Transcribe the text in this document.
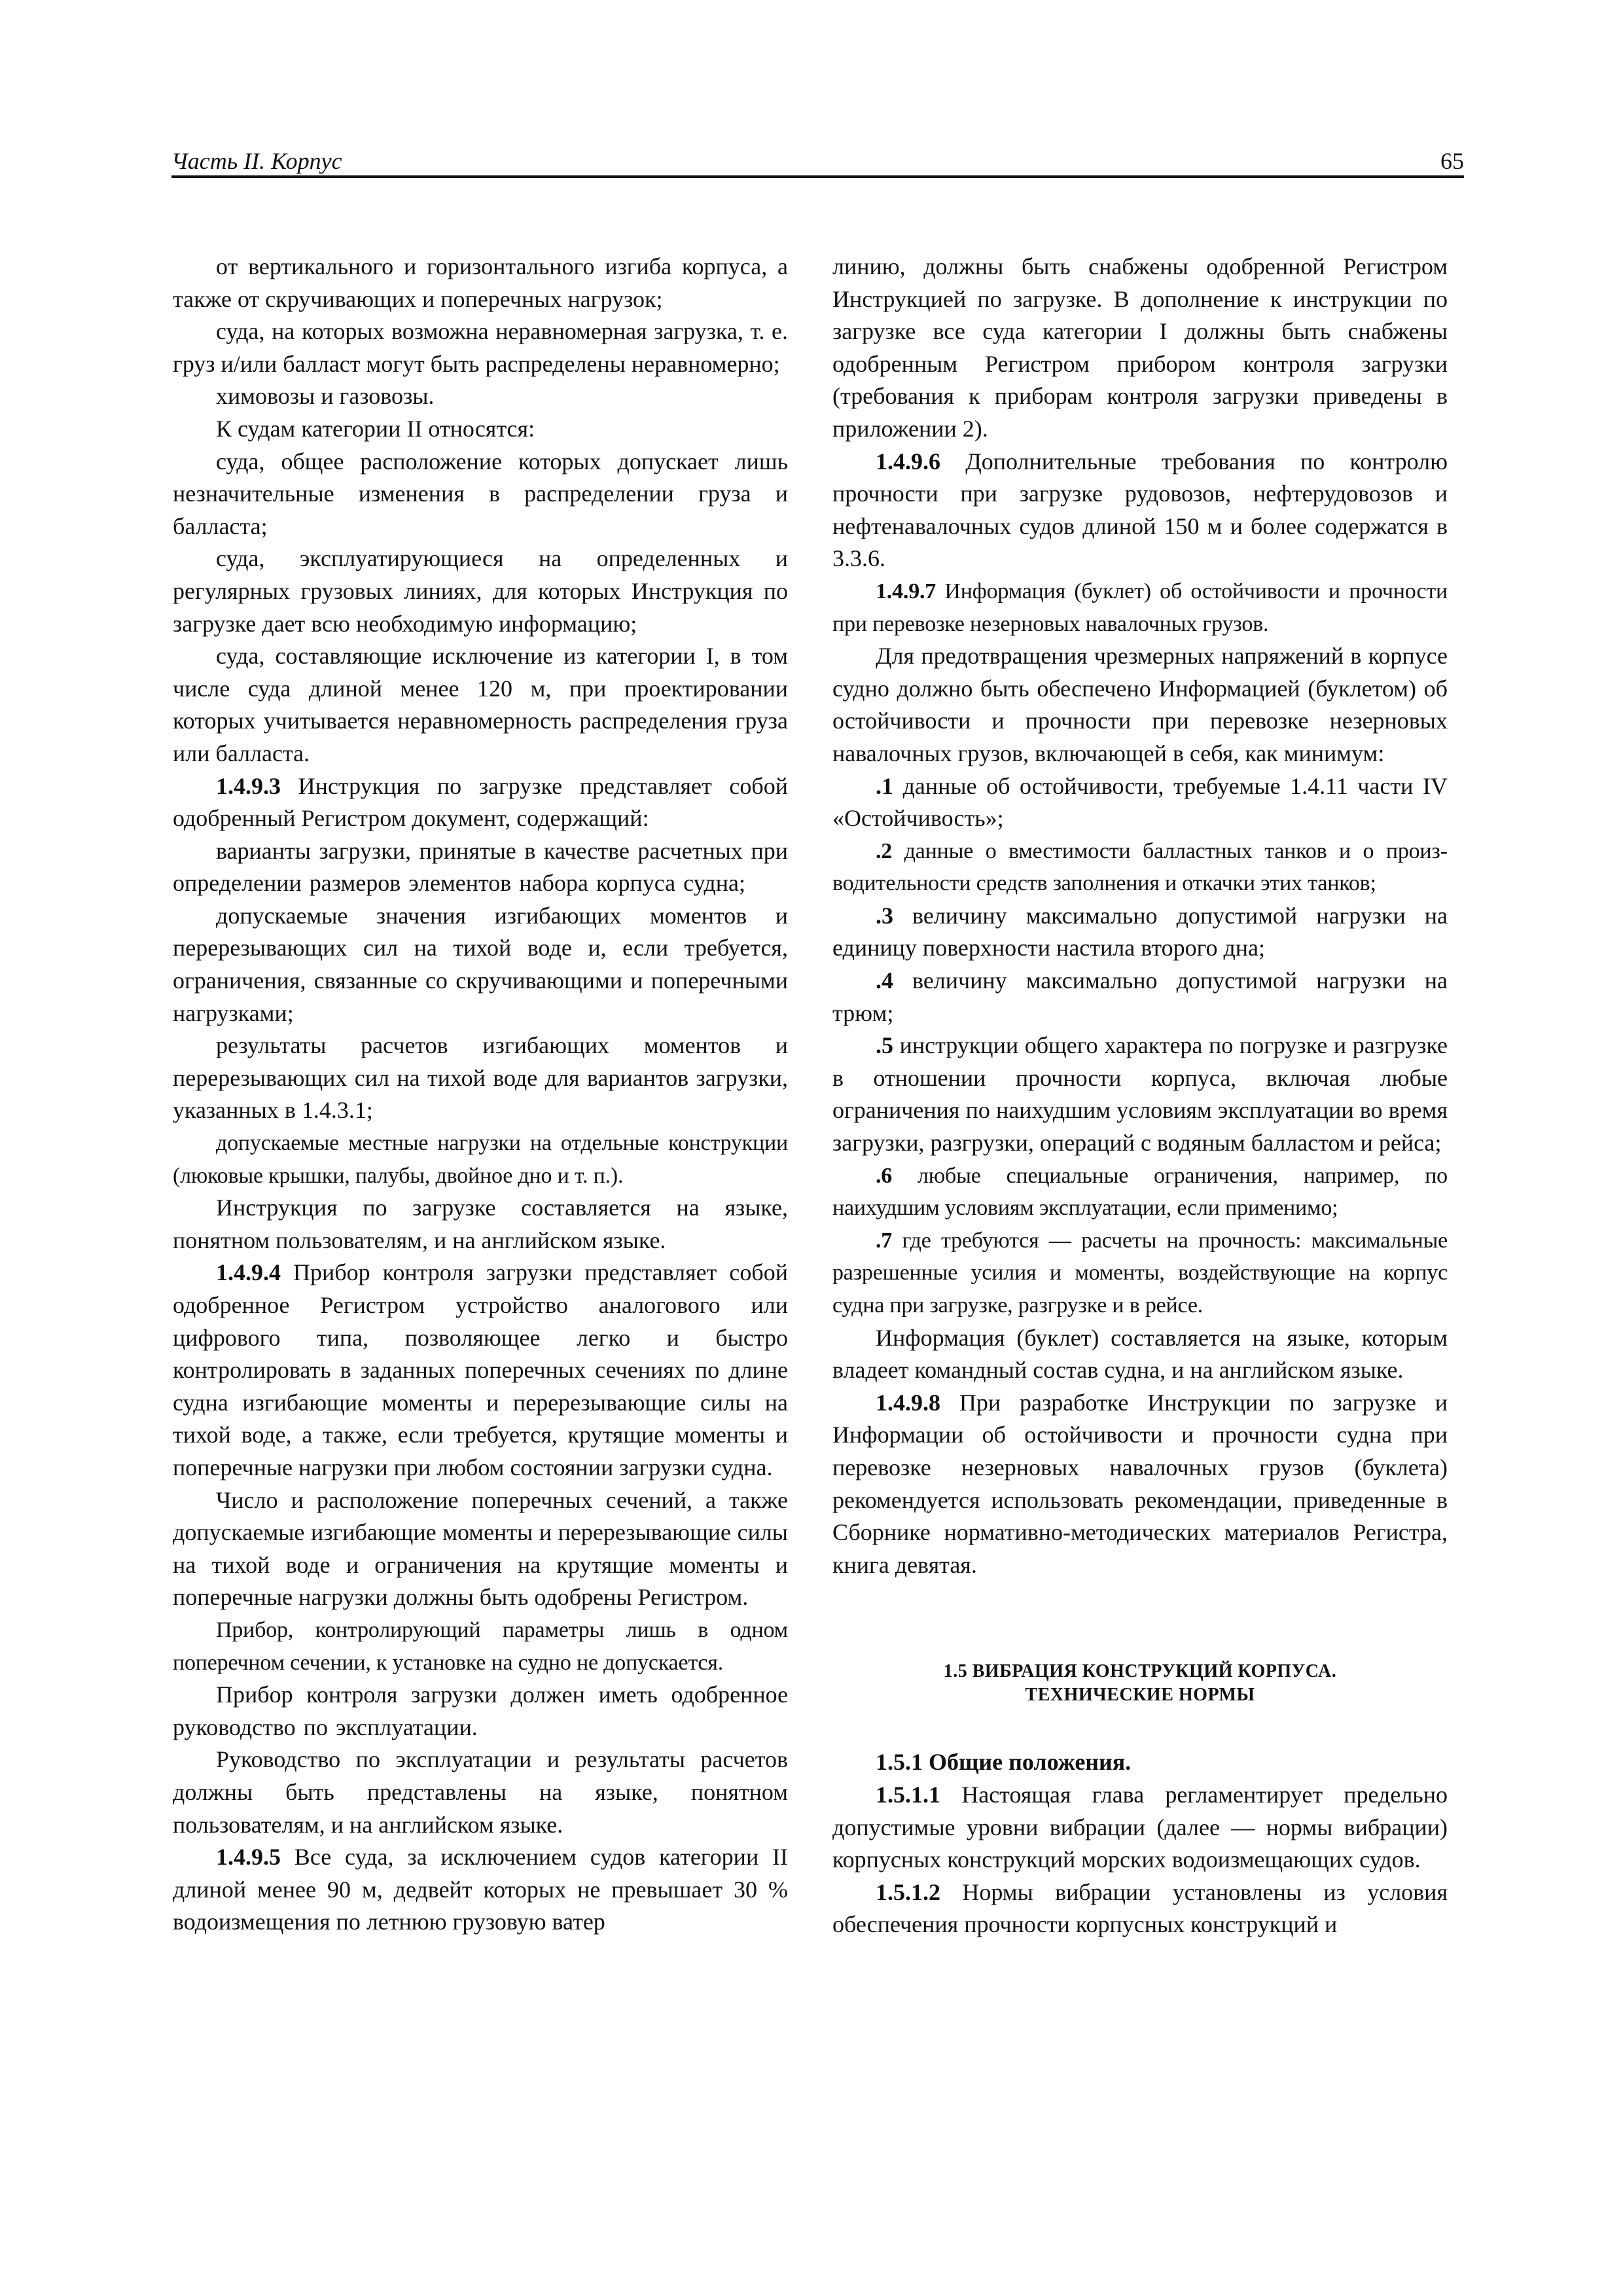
Часть II. Корпус	65

от вертикального и горизонтального изгиба корпуса, а также от скручивающих и поперечных нагрузок;

суда, на которых возможна неравномерная загрузка, т. е. груз и/или балласт могут быть распределены неравномерно;

химовозы и газовозы.

К судам категории II относятся:

суда, общее расположение которых допускает лишь незначительные изменения в распределении груза и балласта;

суда, эксплуатирующиеся на определенных и регулярных грузовых линиях, для которых Инструкция по загрузке дает всю необходимую информацию;

суда, составляющие исключение из категории I, в том числе суда длиной менее 120 м, при проектировании которых учитывается неравномерность распределения груза или балласта.

1.4.9.3 Инструкция по загрузке представляет собой одобренный Регистром документ, содержащий:

варианты загрузки, принятые в качестве расчетных при определении размеров элементов набора корпуса судна;

допускаемые значения изгибающих моментов и перерезывающих сил на тихой воде и, если требуется, ограничения, связанные со скручивающими и поперечными нагрузками;

результаты расчетов изгибающих моментов и перерезывающих сил на тихой воде для вариантов загрузки, указанных в 1.4.3.1;

допускаемые местные нагрузки на отдельные конструкции (люковые крышки, палубы, двойное дно и т. п.).

Инструкция по загрузке составляется на языке, понятном пользователям, и на английском языке.

1.4.9.4 Прибор контроля загрузки представляет собой одобренное Регистром устройство аналогового или цифрового типа, позволяющее легко и быстро контролировать в заданных поперечных сечениях по длине судна изгибающие моменты и перерезывающие силы на тихой воде, а также, если требуется, крутящие моменты и поперечные нагрузки при любом состоянии загрузки судна.

Число и расположение поперечных сечений, а также допускаемые изгибающие моменты и перерезывающие силы на тихой воде и ограничения на крутящие моменты и поперечные нагрузки должны быть одобрены Регистром.

Прибор, контролирующий параметры лишь в одном поперечном сечении, к установке на судно не допускается.

Прибор контроля загрузки должен иметь одобренное руководство по эксплуатации.

Руководство по эксплуатации и результаты расчетов должны быть представлены на языке, понятном пользователям, и на английском языке.

1.4.9.5 Все суда, за исключением судов категории II длиной менее 90 м, дедвейт которых не превышает 30 % водоизмещения по летнюю грузовую ватер

линию, должны быть снабжены одобренной Регистром Инструкцией по загрузке. В дополнение к инструкции по загрузке все суда категории I должны быть снабжены одобренным Регистром прибором контроля загрузки (требования к приборам контроля загрузки приведены в приложении 2).

1.4.9.6 Дополнительные требования по контролю прочности при загрузке рудовозов, нефтерудовозов и нефтенавалочных судов длиной 150 м и более содержатся в 3.3.6.

1.4.9.7 Информация (буклет) об остойчивости и прочности при перевозке незерновых навалочных грузов.

Для предотвращения чрезмерных напряжений в корпусе судно должно быть обеспечено Информацией (буклетом) об остойчивости и прочности при перевозке незерновых навалочных грузов, включающей в себя, как минимум:

.1 данные об остойчивости, требуемые 1.4.11 части IV «Остойчивость»;

.2 данные о вместимости балластных танков и о производительности средств заполнения и откачки этих танков;

.3 величину максимально допустимой нагрузки на единицу поверхности настила второго дна;

.4 величину максимально допустимой нагрузки на трюм;

.5 инструкции общего характера по погрузке и разгрузке в отношении прочности корпуса, включая любые ограничения по наихудшим условиям эксплуатации во время загрузки, разгрузки, операций с водяным балластом и рейса;

.6 любые специальные ограничения, например, по наихудшим условиям эксплуатации, если применимо;

.7 где требуются — расчеты на прочность: максимальные разрешенные усилия и моменты, воздействующие на корпус судна при загрузке, разгрузке и в рейсе.

Информация (буклет) составляется на языке, которым владеет командный состав судна, и на английском языке.

1.4.9.8 При разработке Инструкции по загрузке и Информации об остойчивости и прочности судна при перевозке незерновых навалочных грузов (буклета) рекомендуется использовать рекомендации, приведенные в Сборнике нормативно-методических материалов Регистра, книга девятая.

1.5 ВИБРАЦИЯ КОНСТРУКЦИЙ КОРПУСА.
ТЕХНИЧЕСКИЕ НОРМЫ
1.5.1 Общие положения.

1.5.1.1 Настоящая глава регламентирует предельно допустимые уровни вибрации (далее — нормы вибрации) корпусных конструкций морских водоизмещающих судов.

1.5.1.2 Нормы вибрации установлены из условия обеспечения прочности корпусных конструкций и
